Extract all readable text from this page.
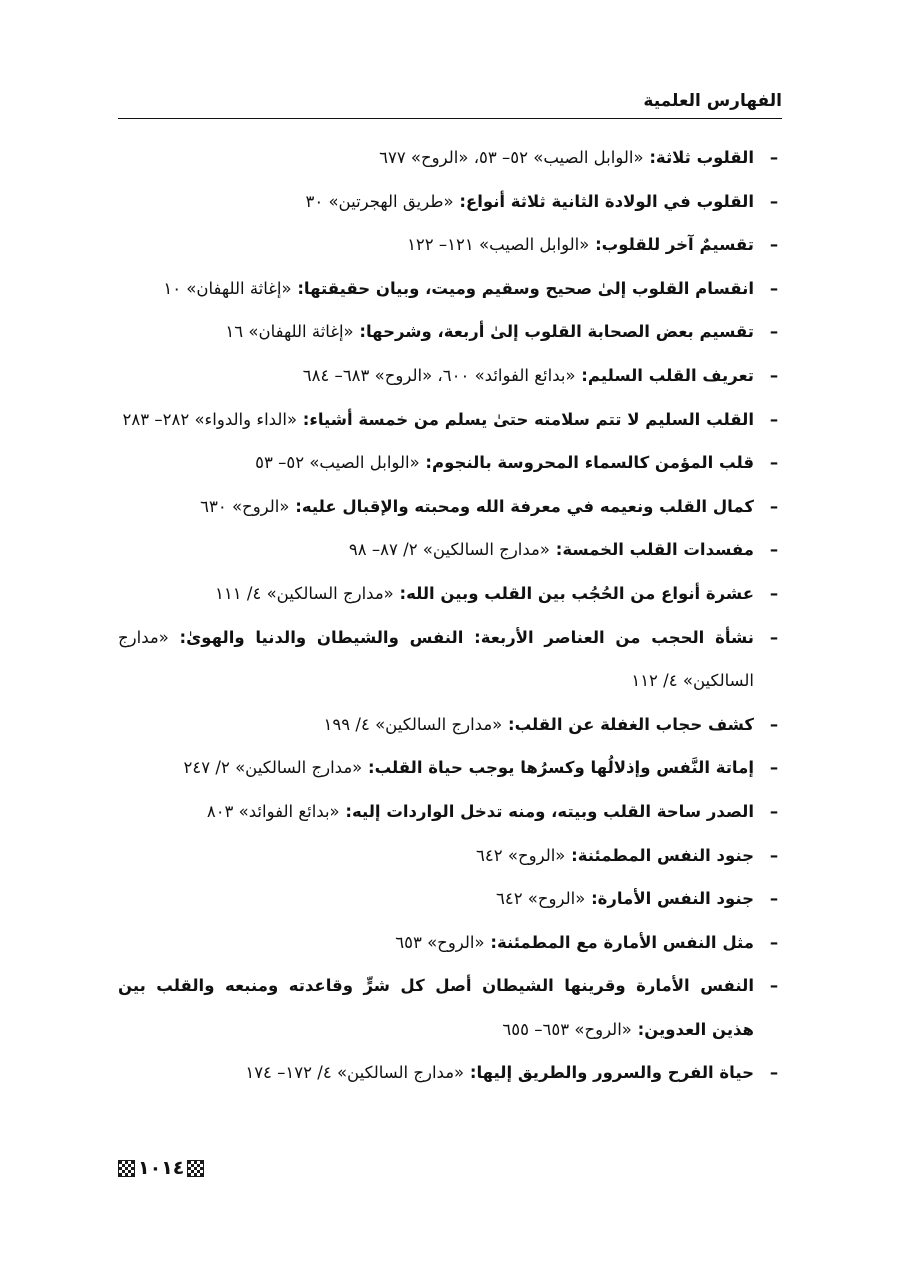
الفهارس العلمية
–
القلوب ثلاثة: «الوابل الصيب» ٥٢– ٥٣، «الروح» ٦٧٧
–
القلوب في الولادة الثانية ثلاثة أنواع: «طريق الهجرتين» ٣٠
–
تقسيمٌ آخر للقلوب: «الوابل الصيب» ١٢١– ١٢٢
–
انقسام القلوب إلىٰ صحيح وسقيم وميت، وبيان حقيقتها: «إغاثة اللهفان» ١٠
–
تقسيم بعض الصحابة القلوب إلىٰ أربعة، وشرحها: «إغاثة اللهفان» ١٦
–
تعريف القلب السليم: «بدائع الفوائد» ٦٠٠، «الروح» ٦٨٣– ٦٨٤
–
القلب السليم لا تتم سلامته حتىٰ يسلم من خمسة أشياء: «الداء والدواء» ٢٨٢– ٢٨٣
–
قلب المؤمن كالسماء المحروسة بالنجوم: «الوابل الصيب» ٥٢– ٥٣
–
كمال القلب ونعيمه في معرفة الله ومحبته والإقبال عليه: «الروح» ٦٣٠
–
مفسدات القلب الخمسة: «مدارج السالكين» ٢/ ٨٧– ٩٨
–
عشرة أنواع من الحُجُب بين القلب وبين الله: «مدارج السالكين» ٤/ ١١١
–
نشأة الحجب من العناصر الأربعة: النفس والشيطان والدنيا والهوىٰ: «مدارج السالكين» ٤/ ١١٢
–
كشف حجاب الغفلة عن القلب: «مدارج السالكين» ٤/ ١٩٩
–
إماتة النَّفس وإذلالُها وكسرُها يوجب حياة القلب: «مدارج السالكين» ٢/ ٢٤٧
–
الصدر ساحة القلب وبيته، ومنه تدخل الواردات إليه: «بدائع الفوائد» ٨٠٣
–
جنود النفس المطمئنة: «الروح» ٦٤٢
–
جنود النفس الأمارة: «الروح» ٦٤٢
–
مثل النفس الأمارة مع المطمئنة: «الروح» ٦٥٣
–
النفس الأمارة وقرينها الشيطان أصل كل شرٍّ وقاعدته ومنبعه والقلب بين هذين العدوين: «الروح» ٦٥٣– ٦٥٥
–
حياة الفرح والسرور والطريق إليها: «مدارج السالكين» ٤/ ١٧٢– ١٧٤
١٠١٤
